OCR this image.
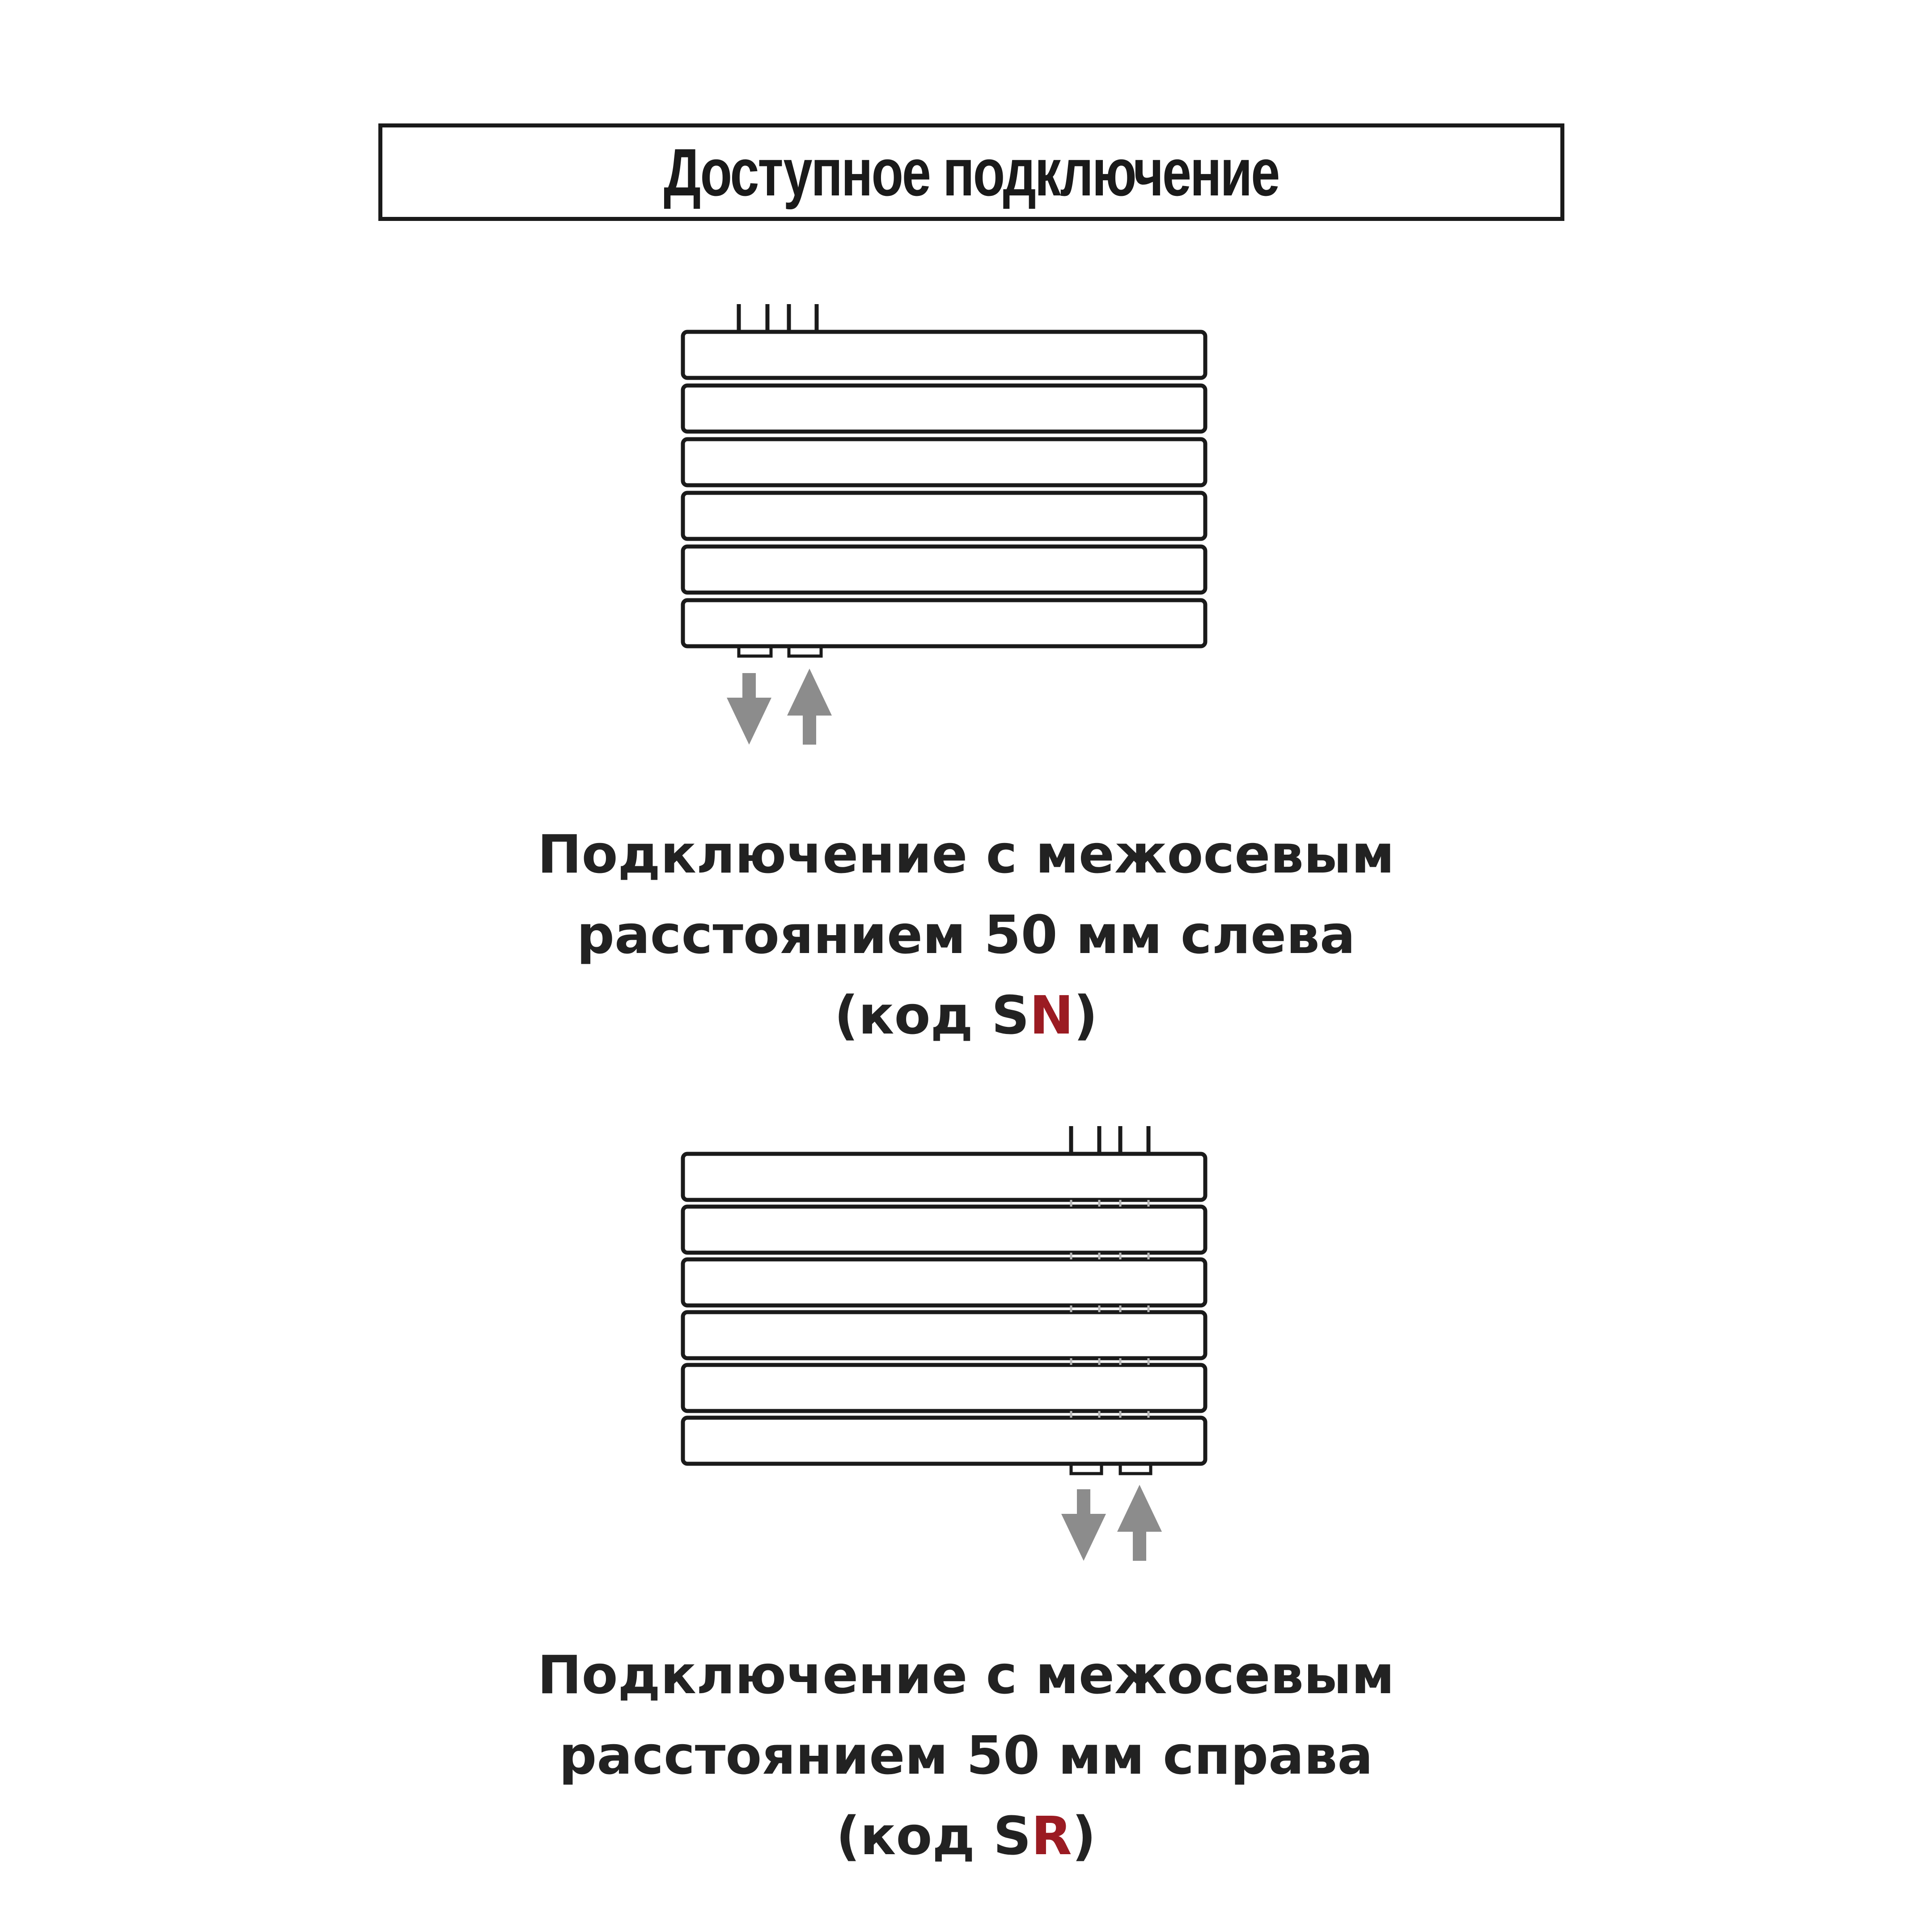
Доступное подключение
Подключение с межосевым
расстоянием 50 мм слева
(код SN)
Подключение с межосевым
расстоянием 50 мм справа
(код SR)
